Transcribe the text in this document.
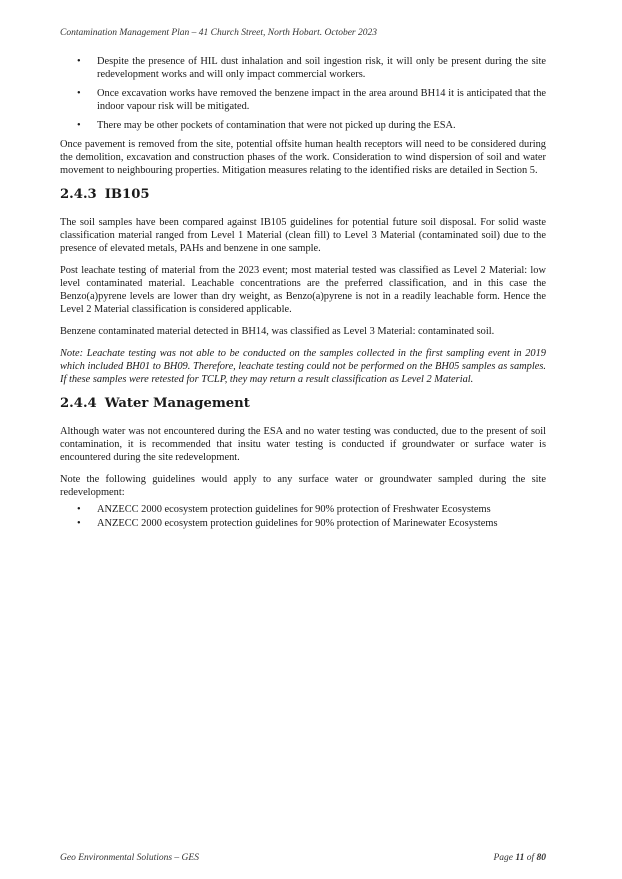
Contamination Management Plan – 41 Church Street, North Hobart. October 2023
• Despite the presence of HIL dust inhalation and soil ingestion risk, it will only be present during the site redevelopment works and will only impact commercial workers.
• Once excavation works have removed the benzene impact in the area around BH14 it is anticipated that the indoor vapour risk will be mitigated.
• There may be other pockets of contamination that were not picked up during the ESA.

Once pavement is removed from the site, potential offsite human health receptors will need to be considered during the demolition, excavation and construction phases of the work. Consideration to wind dispersion of soil and water movement to neighbouring properties. Mitigation measures relating to the identified risks are detailed in Section 5.

2.4.3 IB105

The soil samples have been compared against IB105 guidelines for potential future soil disposal. For solid waste classification material ranged from Level 1 Material (clean fill) to Level 3 Material (contaminated soil) due to the presence of elevated metals, PAHs and benzene in one sample.

Post leachate testing of material from the 2023 event; most material tested was classified as Level 2 Material: low level contaminated material. Leachable concentrations are the preferred classification, and in this case the Benzo(a)pyrene levels are lower than dry weight, as Benzo(a)pyrene is not in a readily leachable form. Hence the Level 2 Material classification is considered applicable.

Benzene contaminated material detected in BH14, was classified as Level 3 Material: contaminated soil.

Note: Leachate testing was not able to be conducted on the samples collected in the first sampling event in 2019 which included BH01 to BH09. Therefore, leachate testing could not be performed on the BH05 samples as samples. If these samples were retested for TCLP, they may return a result classification as Level 2 Material.

2.4.4 Water Management

Although water was not encountered during the ESA and no water testing was conducted, due to the present of soil contamination, it is recommended that insitu water testing is conducted if groundwater or surface water is encountered during the site redevelopment.

Note the following guidelines would apply to any surface water or groundwater sampled during the site redevelopment:

• ANZECC 2000 ecosystem protection guidelines for 90% protection of Freshwater Ecosystems
• ANZECC 2000 ecosystem protection guidelines for 90% protection of Marinewater Ecosystems
Geo Environmental Solutions – GES	Page 11 of 80
